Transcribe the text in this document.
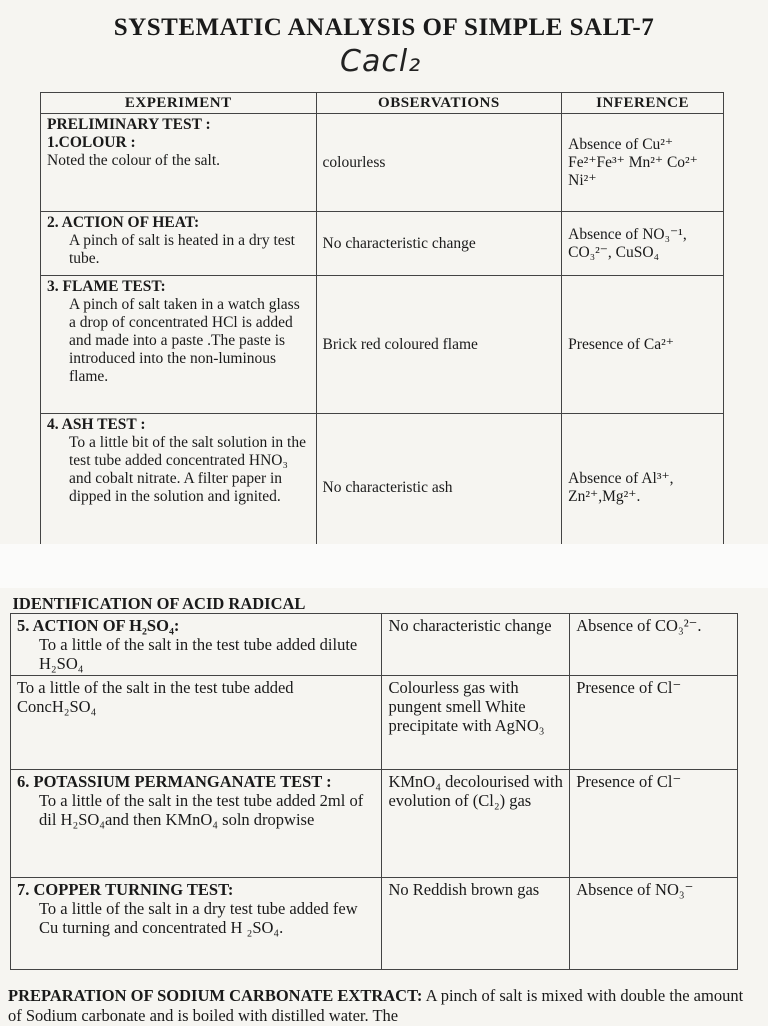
SYSTEMATIC ANALYSIS OF SIMPLE SALT-7
Cacl₂
EXPERIMENT	OBSERVATIONS	INFERENCE

PRELIMINARY TEST :
1.COLOUR :
Noted the colour of the salt.	colourless	Absence of Cu²⁺ Fe²⁺Fe³⁺ Mn²⁺ Co²⁺ Ni²⁺

2. ACTION OF HEAT:
A pinch of salt is heated in a dry test tube.	No characteristic change	Absence of NO₃⁻¹, CO₃²⁻, CuSO₄

3. FLAME TEST:
A pinch of salt taken in a watch glass a drop of concentrated HCl is added and made into a paste .The paste is introduced into the non-luminous flame.	Brick red coloured flame	Presence of Ca²⁺

4. ASH TEST :
To a little bit of the salt solution in the test tube added concentrated HNO₃ and cobalt nitrate. A filter paper in dipped in the solution and ignited.	No characteristic ash	Absence of Al³⁺, Zn²⁺,Mg²⁺.
IDENTIFICATION OF ACID RADICAL		

5. ACTION OF H₂SO₄:
To a little of the salt in the test tube added dilute H₂SO₄	No characteristic change	Absence of CO₃²⁻.

To a little of the salt in the test tube added ConcH₂SO₄	Colourless gas with pungent smell White precipitate with AgNO₃	Presence of Cl⁻

6. POTASSIUM PERMANGANATE TEST :
To a little of the salt in the test tube added 2ml of dil H₂SO₄and then KMnO₄ soln dropwise	KMnO₄ decolourised with evolution of (Cl₂) gas	Presence of Cl⁻

7. COPPER TURNING TEST:
To a little of the salt in a dry test tube added few Cu turning and concentrated H ₂SO₄.	No Reddish brown gas	Absence of NO₃⁻
PREPARATION OF SODIUM CARBONATE EXTRACT: A pinch of salt is mixed with double the amount of Sodium carbonate and is boiled with distilled water. The
